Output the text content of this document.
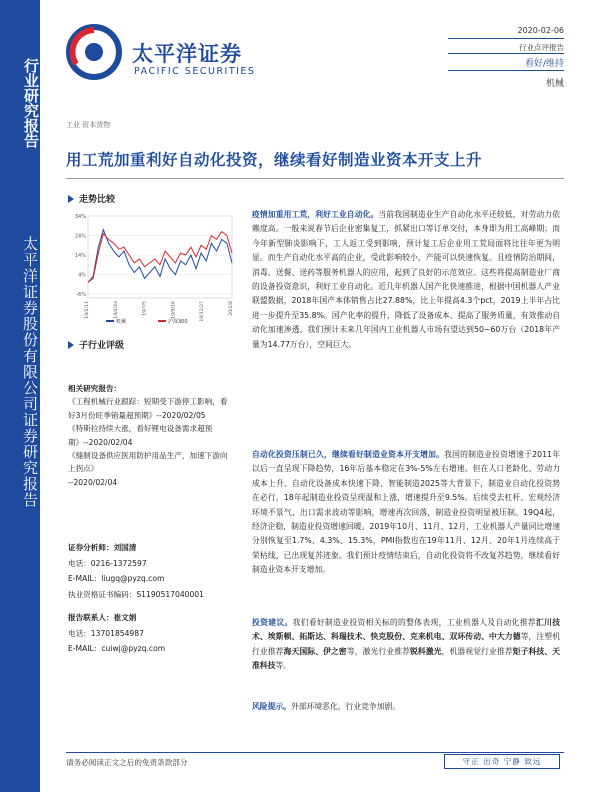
行业研究报告
太平洋证券股份有限公司证券研究报告
太平洋证券
PACIFIC SECURITIES
2020-02-06
行业点评报告
看好/维持
机械
工业 资本货物
用工荒加重利好自动化投资，继续看好制造业资本开支上升
走势比较
34%
24%
14%
4%
-6%
19/2/11	19/4/24	19/7/5	19/9/16	19/11/27	20/2/8
机械	沪深300
子行业评级
相关研究报告：
《工程机械行业跟踪：短期受下游停工影响，看好3月份旺季销量超预期》--2020/02/05
《特斯拉持续大涨，看好锂电设备需求超预期》--2020/02/04
《缝制设备供应医用防护用品生产，加速下游向上拐点》
--2020/02/04
证券分析师：刘国清
电话：0216-1372597
E-MAIL：liugq@pyzq.com
执业资格证书编码：S1190517040001
报告联系人：崔文娟
电话：13701854987
E-MAIL：cuiwj@pyzq.com

疫情加重用工荒，利好工业自动化。当前我国制造业生产自动化水平还较低，对劳动力依赖度高。一般来说春节后企业密集复工，抓紧出口等订单交付，本身即为用工高峰期；而今年新型肺炎影响下，工人返工受到影响，预计复工后企业用工荒局面将比往年更为明显。而生产自动化水平高的企业，受此影响较小，产能可以快速恢复。且疫情防治期间，消毒、送餐、送药等服务机器人的应用，起到了良好的示范效应。这些将提高制造业厂商的设备投资意识，利好工业自动化。近几年机器人国产化快速推进，根据中国机器人产业联盟数据，2018年国产本体销售占比27.88%，比上年提高4.3个pct，2019上半年占比进一步提升至35.8%。国产化率的提升，降低了设备成本、提高了服务质量，有效推动自动化加速渗透，我们预计未来几年国内工业机器人市场有望达到50~60万台（2018年产量为14.77万台），空间巨大。

自动化投资压制已久，继续看好制造业资本开支增加。我国的制造业投资增速于2011年以后一直呈现下降趋势，16年后基本稳定在3%-5%左右增速。但在人口老龄化、劳动力成本上升、自动化设备成本快速下降、智能制造2025等大背景下，制造业自动化投资势在必行，18年起制造业投资呈现温和上涨，增速提升至9.5%。后续受去杠杆、宏观经济环境不景气、出口需求波动等影响，增速再次回落，制造业投资明显被压制。19Q4起，经济企稳，制造业投资增速回暖。2019年10月、11月、12月，工业机器人产量同比增速分别恢复至1.7%、4.3%、15.3%，PMI指数也在19年11月、12月、20年1月连续高于荣枯线，已出现复苏迹象。我们预计疫情结束后，自动化投资将不改复苏趋势，继续看好制造业资本开支增加。

投资建议。我们看好制造业投资相关标的的整体表现，工业机器人及自动化推荐汇川技术、埃斯顿、拓斯达、科瑞技术、快克股份、克来机电、双环传动、中大力德等，注塑机行业推荐海天国际、伊之密等，激光行业推荐锐科激光，机器视觉行业推荐矩子科技、天准科技等。

风险提示。外部环境恶化，行业竞争加剧。

请务必阅读正文之后的免责条款部分	守正 出奇 宁静 致远
